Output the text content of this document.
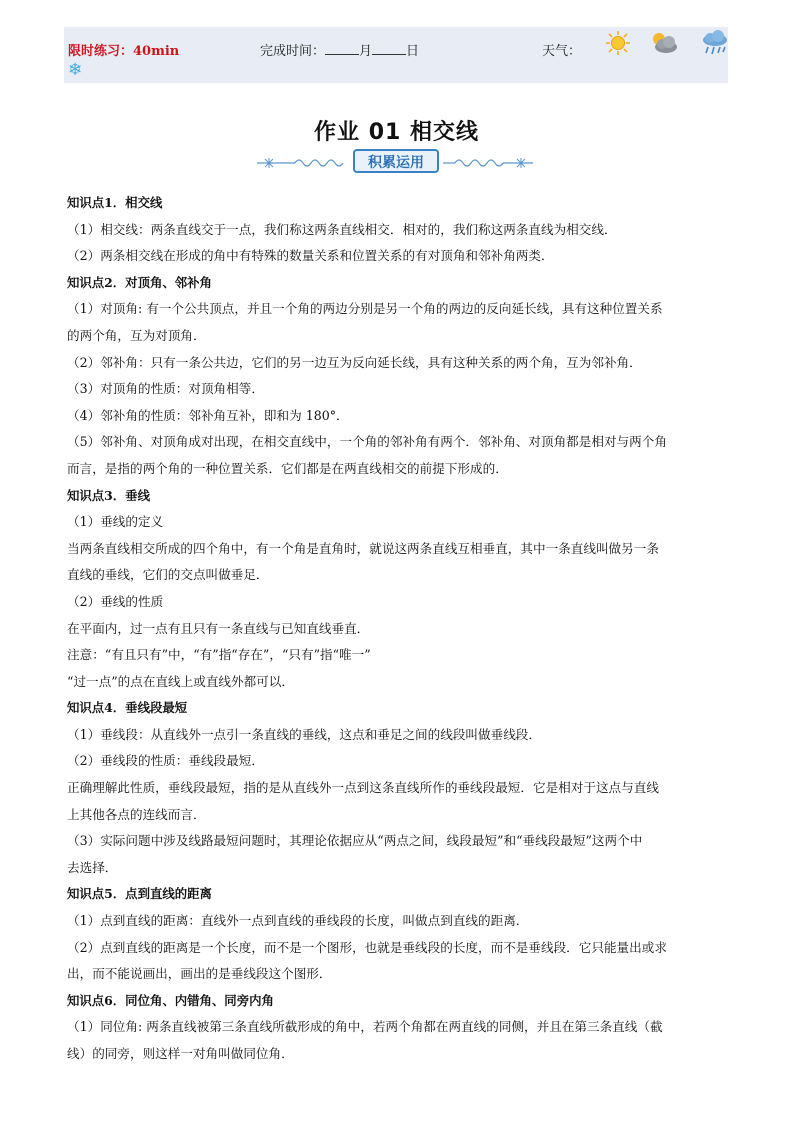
限时练习：40min	完成时间：	月	日	天气：
❄
作业 01 相交线
积累运用

知识点1．相交线

（1）相交线：两条直线交于一点，我们称这两条直线相交．相对的，我们称这两条直线为相交线．

（2）两条相交线在形成的角中有特殊的数量关系和位置关系的有对顶角和邻补角两类．

知识点2．对顶角、邻补角

（1）对顶角: 有一个公共顶点，并且一个角的两边分别是另一个角的两边的反向延长线，具有这种位置关系

的两个角，互为对顶角．

（2）邻补角：只有一条公共边，它们的另一边互为反向延长线，具有这种关系的两个角，互为邻补角．

（3）对顶角的性质：对顶角相等．

（4）邻补角的性质：邻补角互补，即和为 180°．

（5）邻补角、对顶角成对出现，在相交直线中，一个角的邻补角有两个．邻补角、对顶角都是相对与两个角

而言，是指的两个角的一种位置关系．它们都是在两直线相交的前提下形成的．

知识点3．垂线

（1）垂线的定义

当两条直线相交所成的四个角中，有一个角是直角时，就说这两条直线互相垂直，其中一条直线叫做另一条

直线的垂线，它们的交点叫做垂足．

（2）垂线的性质

在平面内，过一点有且只有一条直线与已知直线垂直．

注意：“有且只有”中，“有”指“存在”，“只有”指“唯一”

“过一点”的点在直线上或直线外都可以．

知识点4．垂线段最短

（1）垂线段：从直线外一点引一条直线的垂线，这点和垂足之间的线段叫做垂线段．

（2）垂线段的性质：垂线段最短．

正确理解此性质，垂线段最短，指的是从直线外一点到这条直线所作的垂线段最短．它是相对于这点与直线

上其他各点的连线而言．

（3）实际问题中涉及线路最短问题时，其理论依据应从“两点之间，线段最短”和“垂线段最短”这两个中

去选择．

知识点5．点到直线的距离

（1）点到直线的距离：直线外一点到直线的垂线段的长度，叫做点到直线的距离．

（2）点到直线的距离是一个长度，而不是一个图形，也就是垂线段的长度，而不是垂线段．它只能量出或求

出，而不能说画出，画出的是垂线段这个图形．

知识点6．同位角、内错角、同旁内角

（1）同位角: 两条直线被第三条直线所截形成的角中，若两个角都在两直线的同侧，并且在第三条直线（截

线）的同旁，则这样一对角叫做同位角．
